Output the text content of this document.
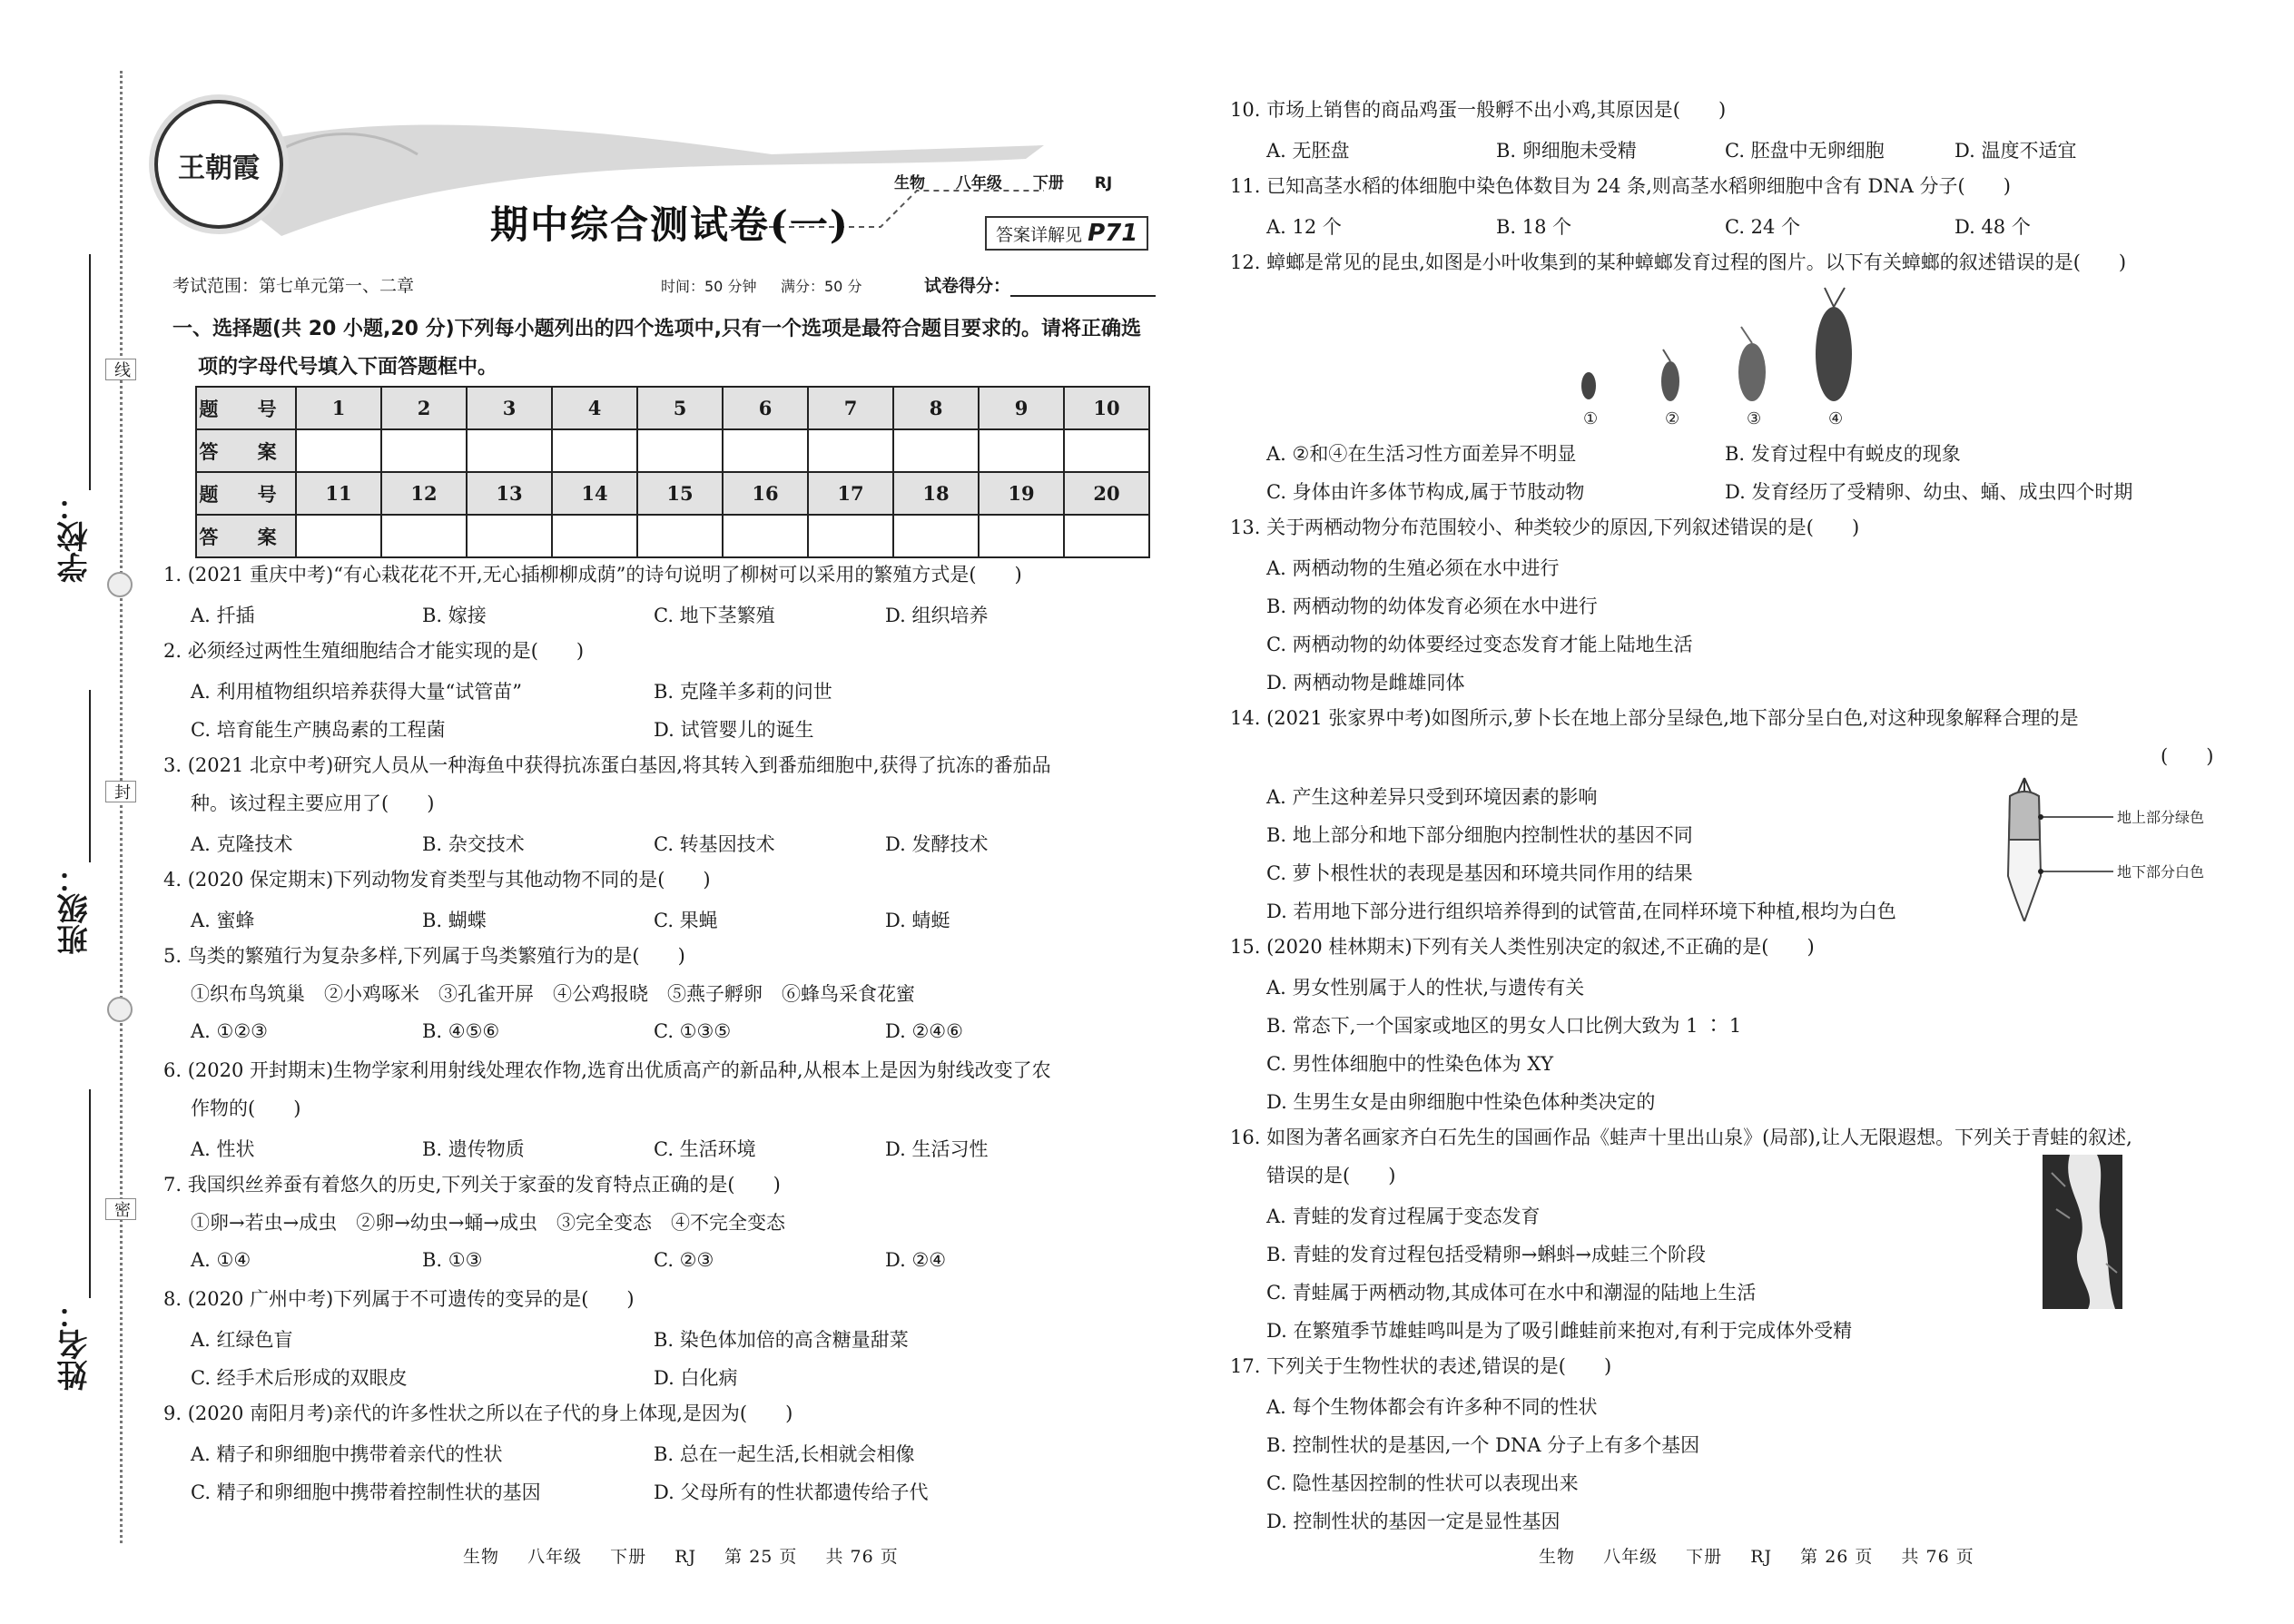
学校：
班级：
姓名：
线
封
密
王朝霞
期中综合测试卷(一)
生物 八年级 下册 RJ
答案详解见 P71
考试范围：第七单元第一、二章	时间：50 分钟 满分：50 分	试卷得分：
一、选择题(共 20 小题,20 分)下列每小题列出的四个选项中,只有一个选项是最符合题目要求的。请将正确选
项的字母代号填入下面答题框中。
题 号	1	2	3	4	5	6	7	8	9	10
答 案										
题 号	11	12	13	14	15	16	17	18	19	20
答 案										
1. (2021 重庆中考)“有心栽花花不开,无心插柳柳成荫”的诗句说明了柳树可以采用的繁殖方式是(　　)
A. 扦插	B. 嫁接	C. 地下茎繁殖	D. 组织培养
2. 必须经过两性生殖细胞结合才能实现的是(　　)
A. 利用植物组织培养获得大量“试管苗”	B. 克隆羊多莉的问世
C. 培育能生产胰岛素的工程菌	D. 试管婴儿的诞生
3. (2021 北京中考)研究人员从一种海鱼中获得抗冻蛋白基因,将其转入到番茄细胞中,获得了抗冻的番茄品
种。该过程主要应用了(　　)
A. 克隆技术	B. 杂交技术	C. 转基因技术	D. 发酵技术
4. (2020 保定期末)下列动物发育类型与其他动物不同的是(　　)
A. 蜜蜂	B. 蝴蝶	C. 果蝇	D. 蜻蜓
5. 鸟类的繁殖行为复杂多样,下列属于鸟类繁殖行为的是(　　)
①织布鸟筑巢　②小鸡啄米　③孔雀开屏　④公鸡报晓　⑤燕子孵卵　⑥蜂鸟采食花蜜
A. ①②③	B. ④⑤⑥	C. ①③⑤	D. ②④⑥
6. (2020 开封期末)生物学家利用射线处理农作物,选育出优质高产的新品种,从根本上是因为射线改变了农
作物的(　　)
A. 性状	B. 遗传物质	C. 生活环境	D. 生活习性
7. 我国织丝养蚕有着悠久的历史,下列关于家蚕的发育特点正确的是(　　)
①卵→若虫→成虫　②卵→幼虫→蛹→成虫　③完全变态　④不完全变态
A. ①④	B. ①③	C. ②③	D. ②④
8. (2020 广州中考)下列属于不可遗传的变异的是(　　)
A. 红绿色盲	B. 染色体加倍的高含糖量甜菜
C. 经手术后形成的双眼皮	D. 白化病
9. (2020 南阳月考)亲代的许多性状之所以在子代的身上体现,是因为(　　)
A. 精子和卵细胞中携带着亲代的性状	B. 总在一起生活,长相就会相像
C. 精子和卵细胞中携带着控制性状的基因	D. 父母所有的性状都遗传给子代
10. 市场上销售的商品鸡蛋一般孵不出小鸡,其原因是(　　)
A. 无胚盘	B. 卵细胞未受精	C. 胚盘中无卵细胞	D. 温度不适宜
11. 已知高茎水稻的体细胞中染色体数目为 24 条,则高茎水稻卵细胞中含有 DNA 分子(　　)
A. 12 个	B. 18 个	C. 24 个	D. 48 个
12. 蟑螂是常见的昆虫,如图是小叶收集到的某种蟑螂发育过程的图片。以下有关蟑螂的叙述错误的是(　　)
①	②	③	④
A. ②和④在生活习性方面差异不明显	B. 发育过程中有蜕皮的现象
C. 身体由许多体节构成,属于节肢动物	D. 发育经历了受精卵、幼虫、蛹、成虫四个时期
13. 关于两栖动物分布范围较小、种类较少的原因,下列叙述错误的是(　　)
A. 两栖动物的生殖必须在水中进行
B. 两栖动物的幼体发育必须在水中进行
C. 两栖动物的幼体要经过变态发育才能上陆地生活
D. 两栖动物是雌雄同体
14. (2021 张家界中考)如图所示,萝卜长在地上部分呈绿色,地下部分呈白色,对这种现象解释合理的是
(　　)
地上部分绿色
地下部分白色
A. 产生这种差异只受到环境因素的影响
B. 地上部分和地下部分细胞内控制性状的基因不同
C. 萝卜根性状的表现是基因和环境共同作用的结果
D. 若用地下部分进行组织培养得到的试管苗,在同样环境下种植,根均为白色
15. (2020 桂林期末)下列有关人类性别决定的叙述,不正确的是(　　)
A. 男女性别属于人的性状,与遗传有关
B. 常态下,一个国家或地区的男女人口比例大致为 1 ∶ 1
C. 男性体细胞中的性染色体为 XY
D. 生男生女是由卵细胞中性染色体种类决定的
16. 如图为著名画家齐白石先生的国画作品《蛙声十里出山泉》(局部),让人无限遐想。下列关于青蛙的叙述,
错误的是(　　)
A. 青蛙的发育过程属于变态发育
B. 青蛙的发育过程包括受精卵→蝌蚪→成蛙三个阶段
C. 青蛙属于两栖动物,其成体可在水中和潮湿的陆地上生活
D. 在繁殖季节雄蛙鸣叫是为了吸引雌蛙前来抱对,有利于完成体外受精
17. 下列关于生物性状的表述,错误的是(　　)
A. 每个生物体都会有许多种不同的性状
B. 控制性状的是基因,一个 DNA 分子上有多个基因
C. 隐性基因控制的性状可以表现出来
D. 控制性状的基因一定是显性基因
生物 八年级 下册 RJ 第 25 页 共 76 页	生物 八年级 下册 RJ 第 26 页 共 76 页
